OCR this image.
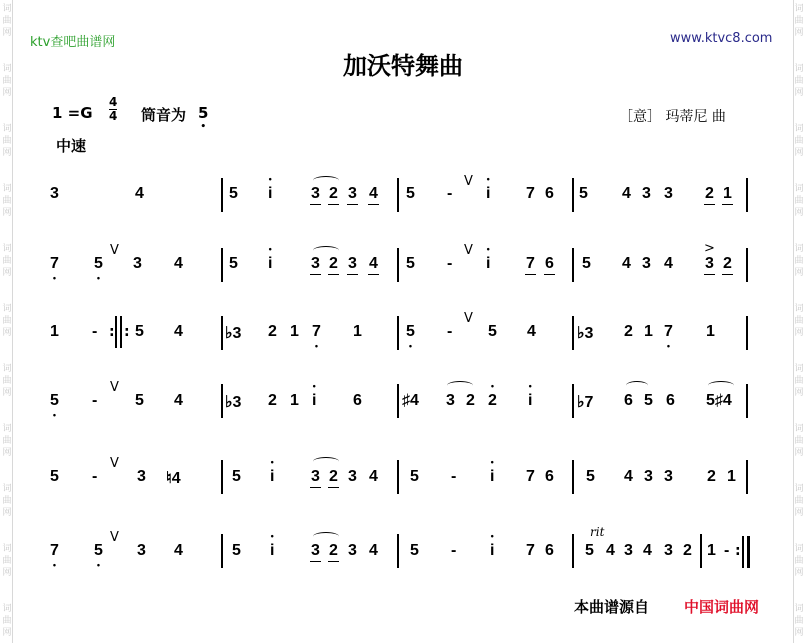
词
曲
网
词
曲
网
词
曲
网
词
曲
网
词
曲
网
词
曲
网
词
曲
网
词
曲
网
词
曲
网
词
曲
网
词
曲
网
词
曲
网
词
曲
网
词
曲
网
词
曲
网
词
曲
网
词
曲
网
词
曲
网
词
曲
网
词
曲
网
词
曲
网
词
曲
网
ktv查吧曲谱网	www.ktvc8.com
加沃特舞曲
$1 =G \frac{4}{4}$ 筒音为 5 •	［意］ 玛蒂尼 曲
中速
3	4	5 • i 3 2 3 4 5 -
V
• i 7 6 5 4 3 3 2 1
7 • 5 •
V
3 4	5 • i 3 2 3 4 5 -
V
• i 7 6 5 4 3 4
>
3 2
1 - : : 5 4	♭3 2 1 7 • 1	5 • -
V
5 4	♭3 2 1 7 • 1
5 • -
V
5 4	♭3 2 1 • i 6	♯4 3 2 • 2 • i	♭7 6 5 6 5♯4
5 -
V
3 ♮4	5 • i 3 2 3 4 5 - • i 7 6 5 4 3 3 2 1
7 • 5 •
V
3 4	5 • i 3 2 3 4 5 - • i 7 6
rit
5 4 3 4 3 2 1 - :
本曲谱源自 中国词曲网
